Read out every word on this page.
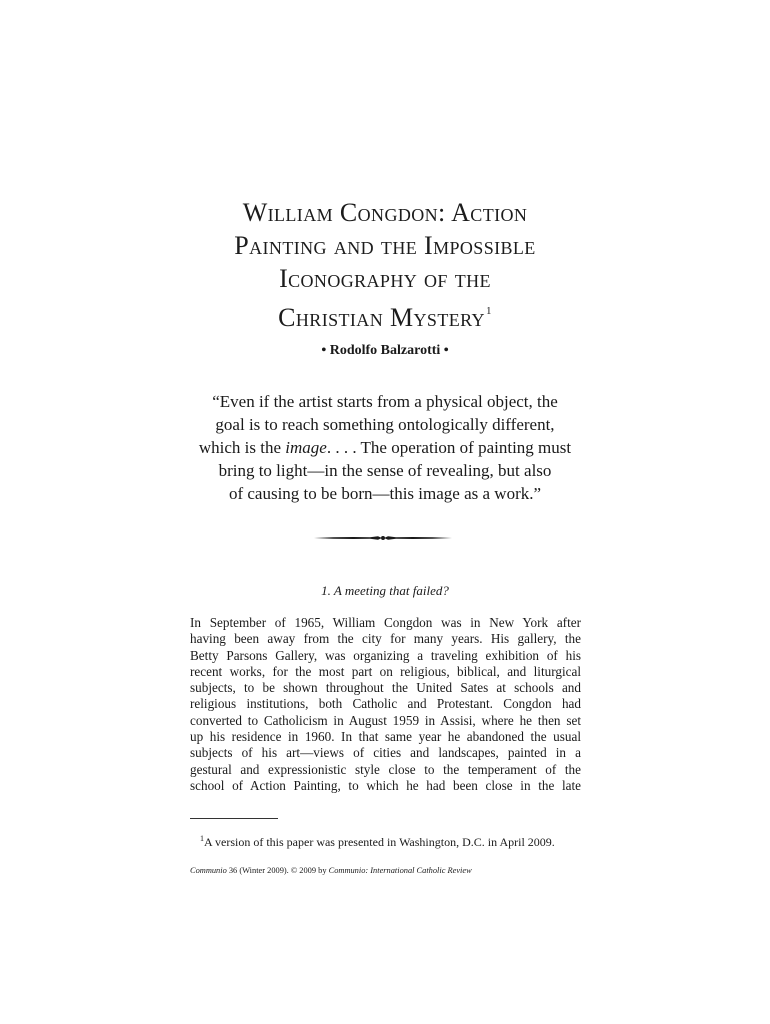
William Congdon: Action
Painting and the Impossible
Iconography of the
Christian Mystery$^1$
• Rodolfo Balzarotti •
“Even if the artist starts from a physical object, the
goal is to reach something ontologically different,
which is the image. . . . The operation of painting must
bring to light—in the sense of revealing, but also
of causing to be born—this image as a work.”
1. A meeting that failed?
In September of 1965, William Congdon was in New York after
having been away from the city for many years. His gallery, the
Betty Parsons Gallery, was organizing a traveling exhibition of his
recent works, for the most part on religious, biblical, and liturgical
subjects, to be shown throughout the United Sates at schools and
religious institutions, both Catholic and Protestant. Congdon had
converted to Catholicism in August 1959 in Assisi, where he then set
up his residence in 1960. In that same year he abandoned the usual
subjects of his art—views of cities and landscapes, painted in a
gestural and expressionistic style close to the temperament of the
school of Action Painting, to which he had been close in the late
$^1$A version of this paper was presented in Washington, D.C. in April 2009.
Communio 36 (Winter 2009). © 2009 by Communio: International Catholic Review
